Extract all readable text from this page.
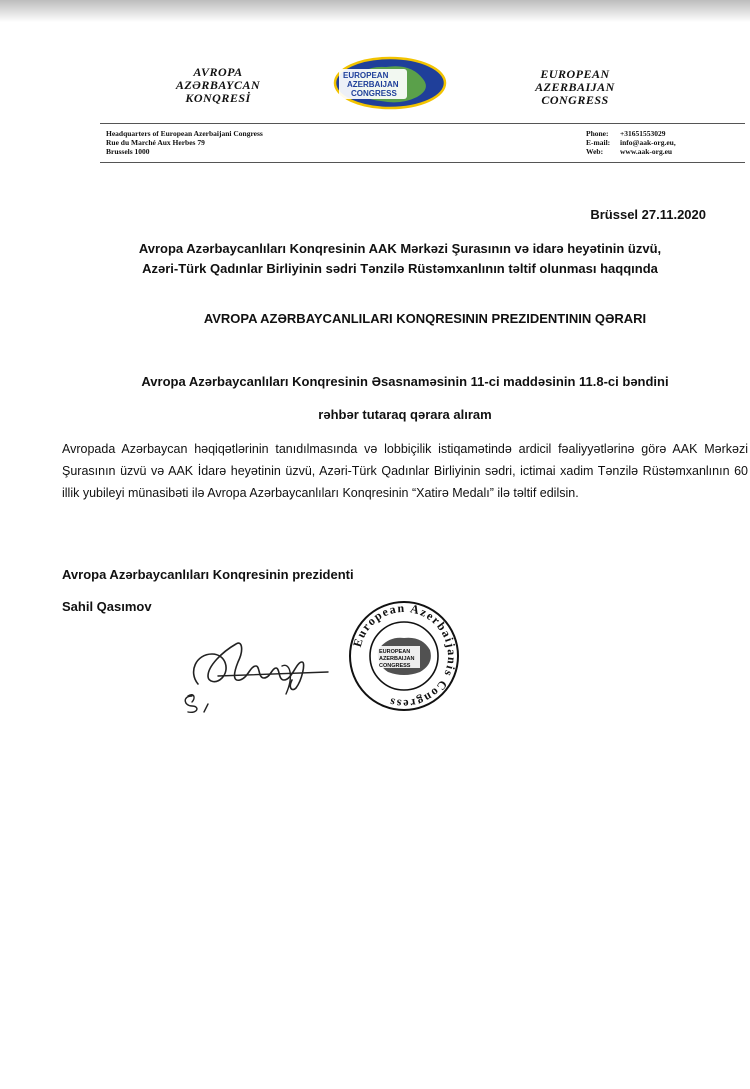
AVROPA
AZƏRBAYCAN
KONQRESİ
EUROPEAN
AZERBAIJAN
CONGRESS
EUROPEAN
AZERBAIJAN
CONGRESS
Headquarters of European Azerbaijani Congress
Rue du Marché Aux Herbes 79
Brussels 1000
Phone: +31651553029
E-mail: info@aak-org.eu,
Web: www.aak-org.eu
Brüssel 27.11.2020
Avropa Azərbaycanlıları Konqresinin AAK Mərkəzi Şurasının və idarə heyətinin üzvü,
Azəri-Türk Qadınlar Birliyinin sədri Tənzilə Rüstəmxanlının təltif olunması haqqında
AVROPA AZƏRBAYCANLILARI KONQRESININ PREZIDENTININ QƏRARI
Avropa Azərbaycanlıları Konqresinin Əsasnaməsinin 11-ci maddəsinin 11.8-ci bəndini
rəhbər tutaraq qərara alıram
Avropada Azərbaycan həqiqətlərinin tanıdılmasında və lobbiçilik istiqamətində ardicil fəaliyyətlərinə görə AAK Mərkəzi Şurasının üzvü və AAK İdarə heyətinin üzvü, Azəri-Türk Qadınlar Birliyinin sədri, ictimai xadim Tənzilə Rüstəmxanlının 60 illik yubileyi münasibəti ilə Avropa Azərbaycanlıları Konqresinin “Xatirə Medalı” ilə təltif edilsin.
Avropa Azərbaycanlıları Konqresinin prezidenti
Sahil Qasımov
European Azerbaijanis Congress
EUROPEAN
AZERBAIJAN
CONGRESS
